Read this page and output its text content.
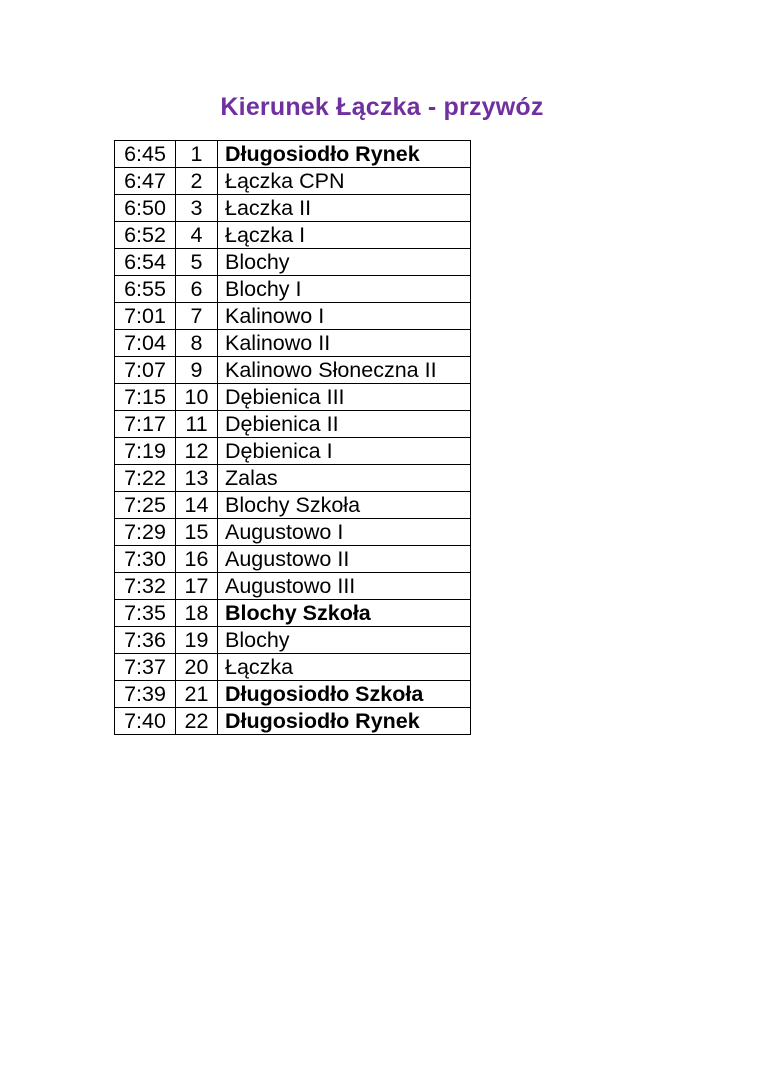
Kierunek Łączka - przywóz
6:45	1	Długosiodło Rynek
6:47	2	Łączka CPN
6:50	3	Łaczka II
6:52	4	Łączka I
6:54	5	Blochy
6:55	6	Blochy I
7:01	7	Kalinowo I
7:04	8	Kalinowo II
7:07	9	Kalinowo Słoneczna II
7:15	10	Dębienica III
7:17	11	Dębienica II
7:19	12	Dębienica I
7:22	13	Zalas
7:25	14	Blochy Szkoła
7:29	15	Augustowo I
7:30	16	Augustowo II
7:32	17	Augustowo III
7:35	18	Blochy Szkoła
7:36	19	Blochy
7:37	20	Łączka
7:39	21	Długosiodło Szkoła
7:40	22	Długosiodło Rynek
